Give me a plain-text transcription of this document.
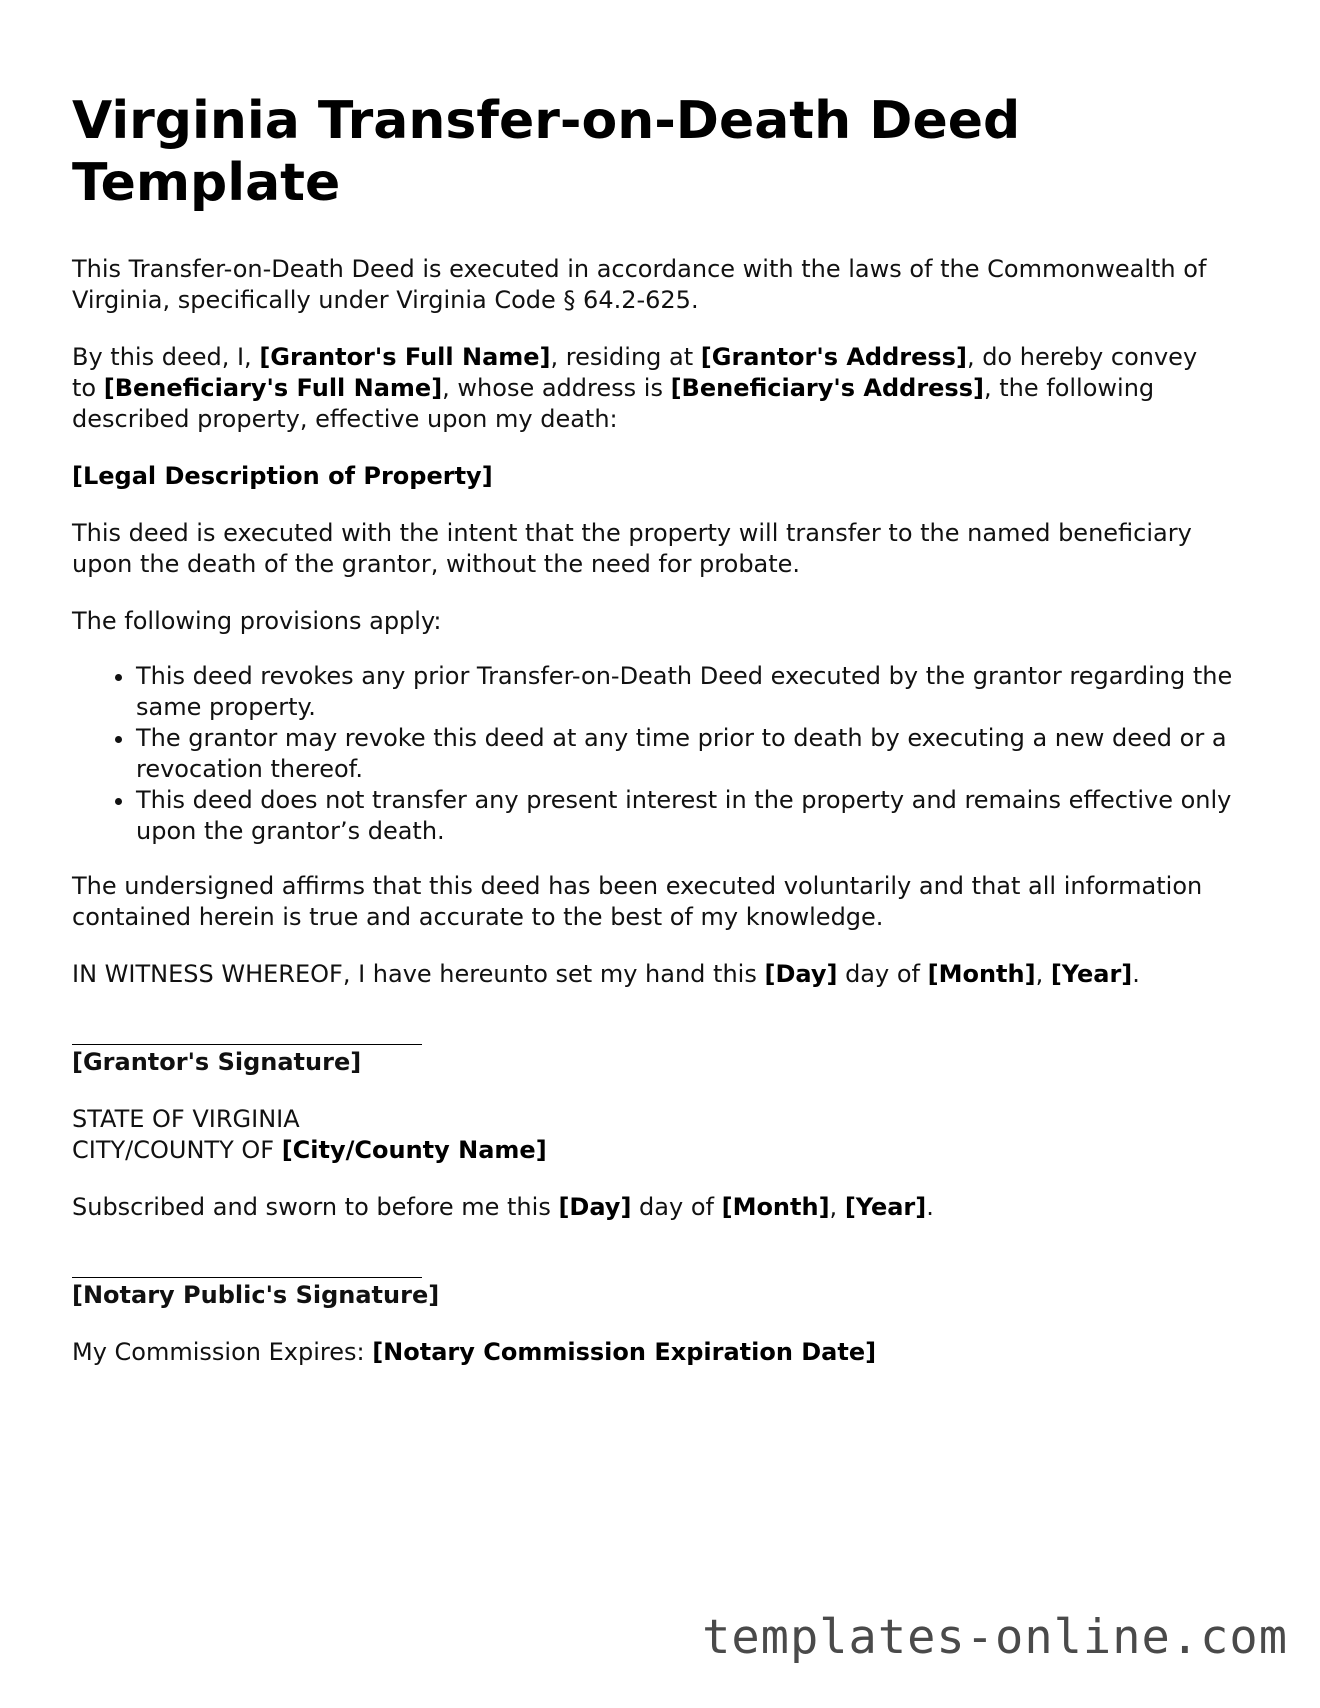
Virginia Transfer-on-Death Deed Template

This Transfer-on-Death Deed is executed in accordance with the laws of the Commonwealth of Virginia, specifically under Virginia Code § 64.2-625.

By this deed, I, [Grantor's Full Name], residing at [Grantor's Address], do hereby convey to [Beneficiary's Full Name], whose address is [Beneficiary's Address], the following described property, effective upon my death:

[Legal Description of Property]

This deed is executed with the intent that the property will transfer to the named beneficiary upon the death of the grantor, without the need for probate.

The following provisions apply:

• This deed revokes any prior Transfer-on-Death Deed executed by the grantor regarding the same property.
• The grantor may revoke this deed at any time prior to death by executing a new deed or a revocation thereof.
• This deed does not transfer any present interest in the property and remains effective only upon the grantor’s death.

The undersigned affirms that this deed has been executed voluntarily and that all information contained herein is true and accurate to the best of my knowledge.

IN WITNESS WHEREOF, I have hereunto set my hand this [Day] day of [Month], [Year].

[Grantor's Signature]

STATE OF VIRGINIA

CITY/COUNTY OF [City/County Name]

Subscribed and sworn to before me this [Day] day of [Month], [Year].

[Notary Public's Signature]

My Commission Expires: [Notary Commission Expiration Date]

templates-online.com
